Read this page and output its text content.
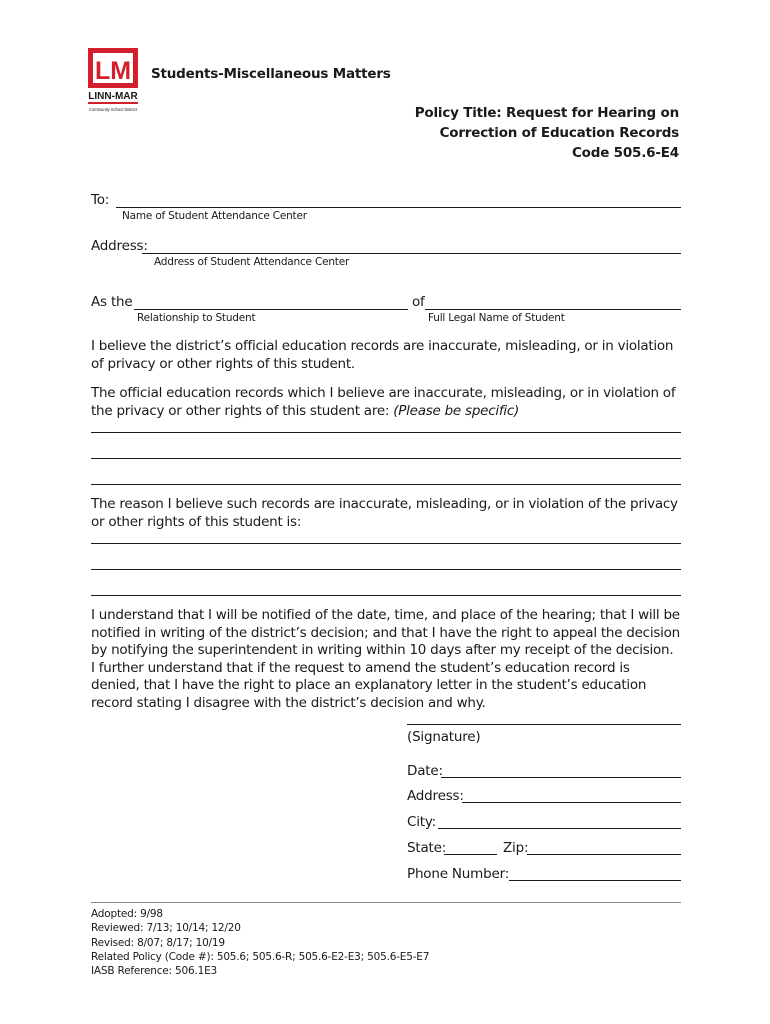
LM
LINN-MAR
Community School District
Students-Miscellaneous Matters
Policy Title: Request for Hearing on
Correction of Education Records
Code 505.6-E4
To:
Name of Student Attendance Center
Address:
Address of Student Attendance Center
As the	of
Relationship to Student	Full Legal Name of Student

I believe the district’s official education records are inaccurate, misleading, or in violation of privacy or other rights of this student.

The official education records which I believe are inaccurate, misleading, or in violation of the privacy or other rights of this student are: (Please be specific)

The reason I believe such records are inaccurate, misleading, or in violation of the privacy or other rights of this student is:

I understand that I will be notified of the date, time, and place of the hearing; that I will be notified in writing of the district’s decision; and that I have the right to appeal the decision by notifying the superintendent in writing within 10 days after my receipt of the decision. I further understand that if the request to amend the student’s education record is denied, that I have the right to place an explanatory letter in the student’s education record stating I disagree with the district’s decision and why.

(Signature)
Date:
Address:
City:
State:	Zip:
Phone Number:
Adopted: 9/98
Reviewed: 7/13; 10/14; 12/20
Revised: 8/07; 8/17; 10/19
Related Policy (Code #): 505.6; 505.6-R; 505.6-E2-E3; 505.6-E5-E7
IASB Reference: 506.1E3
